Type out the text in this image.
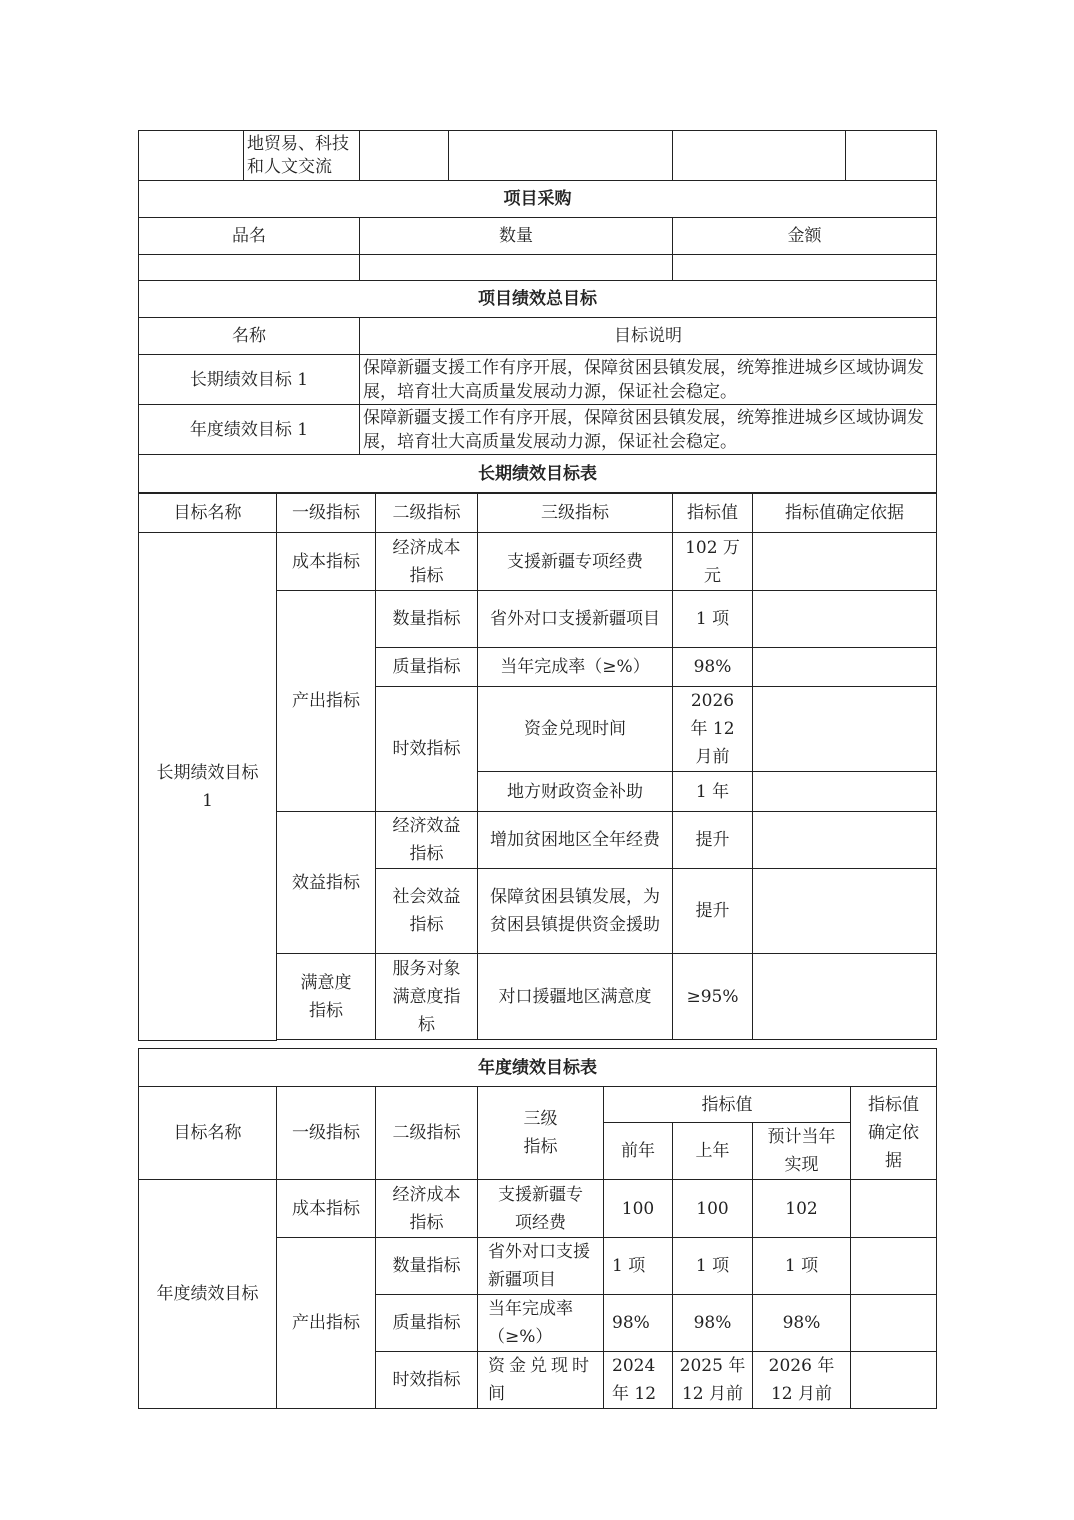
	地贸易、科技和人文交流				
项目采购					
品名		数量		金额	

项目绩效总目标					
名称		目标说明			
长期绩效目标 1		保障新疆支援工作有序开展，保障贫困县镇发展，统筹推进城乡区域协调发展，培育壮大高质量发展动力源，保证社会稳定。			
年度绩效目标 1		保障新疆支援工作有序开展，保障贫困县镇发展，统筹推进城乡区域协调发展，培育壮大高质量发展动力源，保证社会稳定。			
长期绩效目标表					
目标名称	一级指标	二级指标	三级指标	指标值	指标值确定依据
长期绩效目标 1	成本指标	经济成本指标	支援新疆专项经费	102 万元	
	产出指标	数量指标	省外对口支援新疆项目	1 项	
		质量指标	当年完成率（≥%）	98%	
		时效指标	资金兑现时间	2026 年 12 月前	
			地方财政资金补助	1 年	
	效益指标	经济效益指标	增加贫困地区全年经费	提升	
		社会效益指标	保障贫困县镇发展，为贫困县镇提供资金援助	提升	
	满意度指标	服务对象满意度指标	对口援疆地区满意度	≥95%	

年度绩效目标表							
目标名称	一级指标	二级指标	三级指标	指标值			指标值确定依据
				前年	上年	预计当年实现	
年度绩效目标	成本指标	经济成本指标	支援新疆专项经费	100	100	102	
	产出指标	数量指标	省外对口支援新疆项目	1 项	1 项	1 项	
		质量指标	当年完成率（≥%）	98%	98%	98%	
		时效指标	资金兑现时间	2024 年 12	2025 年 12 月前	2026 年 12 月前	
